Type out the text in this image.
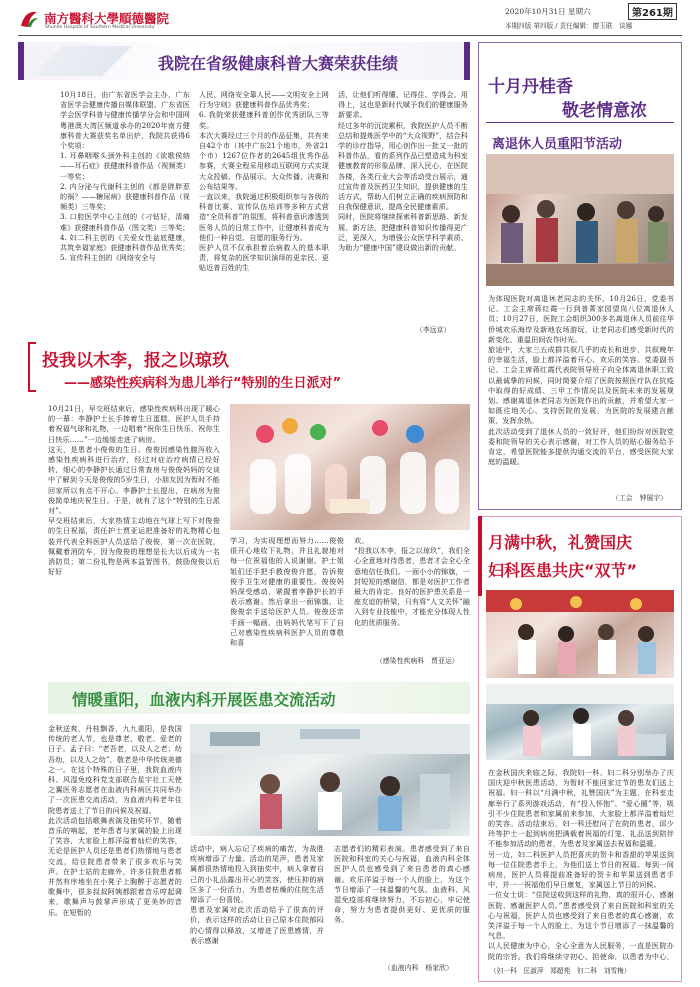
南方醫科大學順德醫院
Shunde Hospital of Southern Medical University
2020年10月31日 星期六	第261期
本期四版 第四版 / 责任编辑：廖玉联　谈娜
我院在省级健康科普大赛荣获佳绩
10月18日，由广东省医学会主办，广东省医学会健康传播自媒体联盟、广东省医学会医学科普与健康传播学分会和中国网粤港澳大湾区频道承办的2020年南方健康科普大赛获奖名单出炉，我院共获得6个奖项：
1. 耳鼻咽喉头颈外科主创的《欲歌侯纳——耳石症》获健康科普作品（视频类）一等奖；
2. 内分泌与代谢科主创的《都是胖胖惹的祸？——糖尿病》获健康科普作品（视频类）三等奖；
3. 口腔医学中心主创的《刁钻好，清痛难》获健康科普作品（图文类）三等奖；
4. 妇二科主创的《关爱女性盆底健康，共筑幸福家庭》获健康科普作品优秀奖；
5. 宣传科主创的《网络安全与
人民，网络安全靠人民——文明安全上网行为守则》获健康科普作品优秀奖；
6. 我院荣获健康科普创作优秀团队三等奖。
本次大赛经过三个月的作品征集，共有来自42个市（其中广东21个地市，外省21个市）1267位作者的2645组优秀作品参赛，大赛全程采用移动互联网方式实现大众投稿、作品展示、大众传播、决赛和公布结果等。
一直以来，我院通过积极组织参与各级的科普比赛、宣传队伍培训等多种方式营造“全员科普”的氛围，将科普意识渗透到医务人员的日常工作中，让健康科普成为他们一种自觉、自愿的服务行为。
医护人员不仅承担着治病救人的基本职责，将复杂的医学知识演绎的更亲民、更贴近普百姓的生
活，让他们听得懂、记得住、学得会、用得上，这也是新时代赋予我们的健康服务新要求。
经过多年的沉淀累积，我院医护人员不断总结和提炼医学中的“大众视野”，结合科学的诊疗指导，用心创作出一批又一批的科普作品，看的系列作品已塑造成为科室健康教育的形象品牌，深入民心，在医院各楼，各类行业大会等活动受台展示，通过宣传普及医药卫生知识，提供健康的生活方式，帮助人们树立正确的疾病预防和自我保健意识，提高全民健康素质。
同时，医院将继续探索科普新思路、新发展、新方法，把健康科普知识传播得更广泛，更深入，为增强公众医学科学素质、为助力“健康中国”建设做出新的贡献。
（李远京）
投我以木李，报之以琼玖
——感染性疾病科为患儿举行“特别的生日派对”
10月21日，早交班结束后，感染性疾病科出现了暖心的一幕：李静护士长手捧着生日蛋糕，医护人员手持着祝福气球和礼物，一边唱着“祝你生日快乐，祝你生日快乐……”一边缓缓走进了病房。
这天，是患者小俊俊的生日。俊俊因感染性腹泻收入感染性疾病科进行治疗，经过对症治疗病情已经好转，细心的李静护长通过日常查房与俊俊妈妈的交谈中了解到今天是俊俊的5岁生日，小朋友因为暂时不能回家所以有点不开心。李静护士长提出，在病房为俊俊简单地庆祝生日。于是，就有了这个“特别的生日派对”。
早交班结束后，大家热情主动地在气球上写下对俊俊的生日祝福，责任护士贾亚运把准备好的礼物精心包装并代表全科医护人员送给了俊俊，第一次在医院，佩戴着消防车，因为俊俊的理想是长大以后成为一名消防员；第二份礼物是两本益智图书，鼓励俊俊以后好好
学习，为实现理想而努力……俊俊很开心地收下礼物，并且礼貌地对每一位祝福他的人说谢谢。护士姐姐们还手把手教俊俊许愿，告诉俊俊手卫生对健康的重要性。俊俊妈妈深受感动，紧握着李静护长的手表示感谢。然后拿出一面锦旗，让俊俊亲手送给医护人员。俊俊还亲手画一幅画，由妈妈代笔写下了自己对感染性疾病科医护人员的尊敬和喜
欢。
“投我以木李，报之以琼玖”，我们全心全意地对待患者，患者才会全心全意地信任我们。一面小小的锦旗，一封短短的感谢信，都是对医护工作者最大的肯定。良好的医护患关系是一座友谊的桥梁，只有将“人文关怀”融入到专业技能中，才能充分体现人性化的优质服务。
（感染性疾病科　贾亚运）
情暖重阳，血液内科开展医患交流活动
金秋送爽，丹桂飘香，九九重阳，是我国传统的老人节，也是尊老、敬老、爱老的日子。孟子曰：“老吾老，以及人之老；幼吾幼，以及人之幼”，敬老是中华传统美德之一。在这个特殊的日子里，我院血液内科、风湿免疫科党支部联合星宇社工天使之翼医务志愿者在血液内科病区共同举办了一次医患交流活动，为血液内科老年住院患者送上了节日的问候及祝福。
此次活动包括歌舞表演及抽奖环节，随着音乐的响起，老年患者与家属的脸上出现了笑容，大家脸上都洋溢着灿烂的笑容，无论是医护人员还是患者们热情地与患者交流，给住院患者带来了很多欢乐与笑声。在护士站的走廊外，许多住院患者都并然有序地坐在小凳子上胸醉于志愿者的歌舞中，很多叔叔阿姨都跟着音乐哼起调来，歌舞声与鼓掌声形成了更美妙的音乐。在短暂的
活动中，病人忘记了疾病的痛苦，为战胜疾病增添了力量。活动的尾声，患者及家属都很热情地投入到抽奖中，病人拿着自己的小礼品露出开心的笑容，使压抑的病区多了一份活力，为患者枯燥的住院生活增添了一份喜悦。
患者及家属对此次活动给予了很高的评价，表示这样的活动让自己原本住院郁闷的心情得以释放，又增进了医患感情，并表示感谢
志愿者们的精彩表演。患者感受到了来自医院和科室的关心与祝福，血液内科全体医护人员也感受到了来自患者的真心感谢。欢乐洋溢于每一个人的脸上，为这个节日增添了一抹温馨的气氛。血液科、风湿免疫部将继续努力，不忘初心，牢记使命，努力为患者提供更好、更优质的服务。
（血液内科　杨家欣）
十月丹桂香
敬老情意浓
离退休人员重阳节活动
为体现医院对离退休老同志的关怀，10月26日，党委书记、工会主席蒋红霞一行到普菁家园望岗八位离退休人员；10月27日，医院工会组织300多名离退休人员前往华侨城欢乐海岸及新地农场游玩，让老同志们感受新时代的新变化、重温田间农作时光。
旅途中，大家三五成群共叙几乎的成长和进步，共叙晚年的幸福生活，脸上都洋溢着开心、欢乐的笑容。党委副书记、工会主席蒋红霞代表院领导班子向全体离退休职工致以最诚挚的问候，同时简要介绍了医院按照医疗队在抗疫中取得的好成绩、三甲工作情况以及医院未来的发展规划。感谢离退休老同志为医院作出的贡献，并希望大家一如既往地关心、支持医院的发展，为医院的发展建言献策、发挥余热。
此次活动受到了退休人员的一致好评，他们纷纷对医院党委和院领导的关心表示感谢，对工作人员的贴心服务给予肯定，希望医院能多提供沟通交流的平台，感受医院大家庭的温暖。
（工会　钟展宇）
月满中秋，礼赞国庆
妇科医患共庆“双节”
在金秋国庆来临之际，我院妇一科、妇二科分别举办了庆国庆迎中秋医患活动，为暂时不能回家过节的患友们送上祝福。妇一科以“月满中秋，礼赞国庆”为主题，在科室走廊举行了系列游戏活动，有“投入怀抱”、“爱心圈”等，吸引不少住院患者和家属前来参加，大家脸上都洋溢着灿烂的笑容。活动结束后，妇一科还慰问了在院的患者，邱少玲等护士一起到病房把满载着祝福的灯笼、礼品送到陪伴不能参加活动的患者，为患者及家属送去祝福和温暖。
另一边，妇二科医护人员把喜庆的贺卡和香甜的苹果送到每一位住院患者手上，为他们送上节日的祝福。每到一间病房，医护人员将提前准备好的贺卡和苹果送到患者手中，并一一祝福他们早日康复，家属送上节日的问候。
一位女士说：“住院送收到这样的礼物，真的很开心，感谢医院、感谢医护人员。”患者感受到了来自医院和科室的关心与祝福，医护人员也感受到了来自患者的真心感谢，欢笑洋溢于每一个人的脸上，为这个节日增添了一抹温馨的气息。
以人民健康为中心，全心全意为人民服务，一直是医院办院的宗旨。我们将继续守初心、担使命，以患者为中心，
（妇一科　匡淑萍　郑超苑　妇二科　刘雪梅）
